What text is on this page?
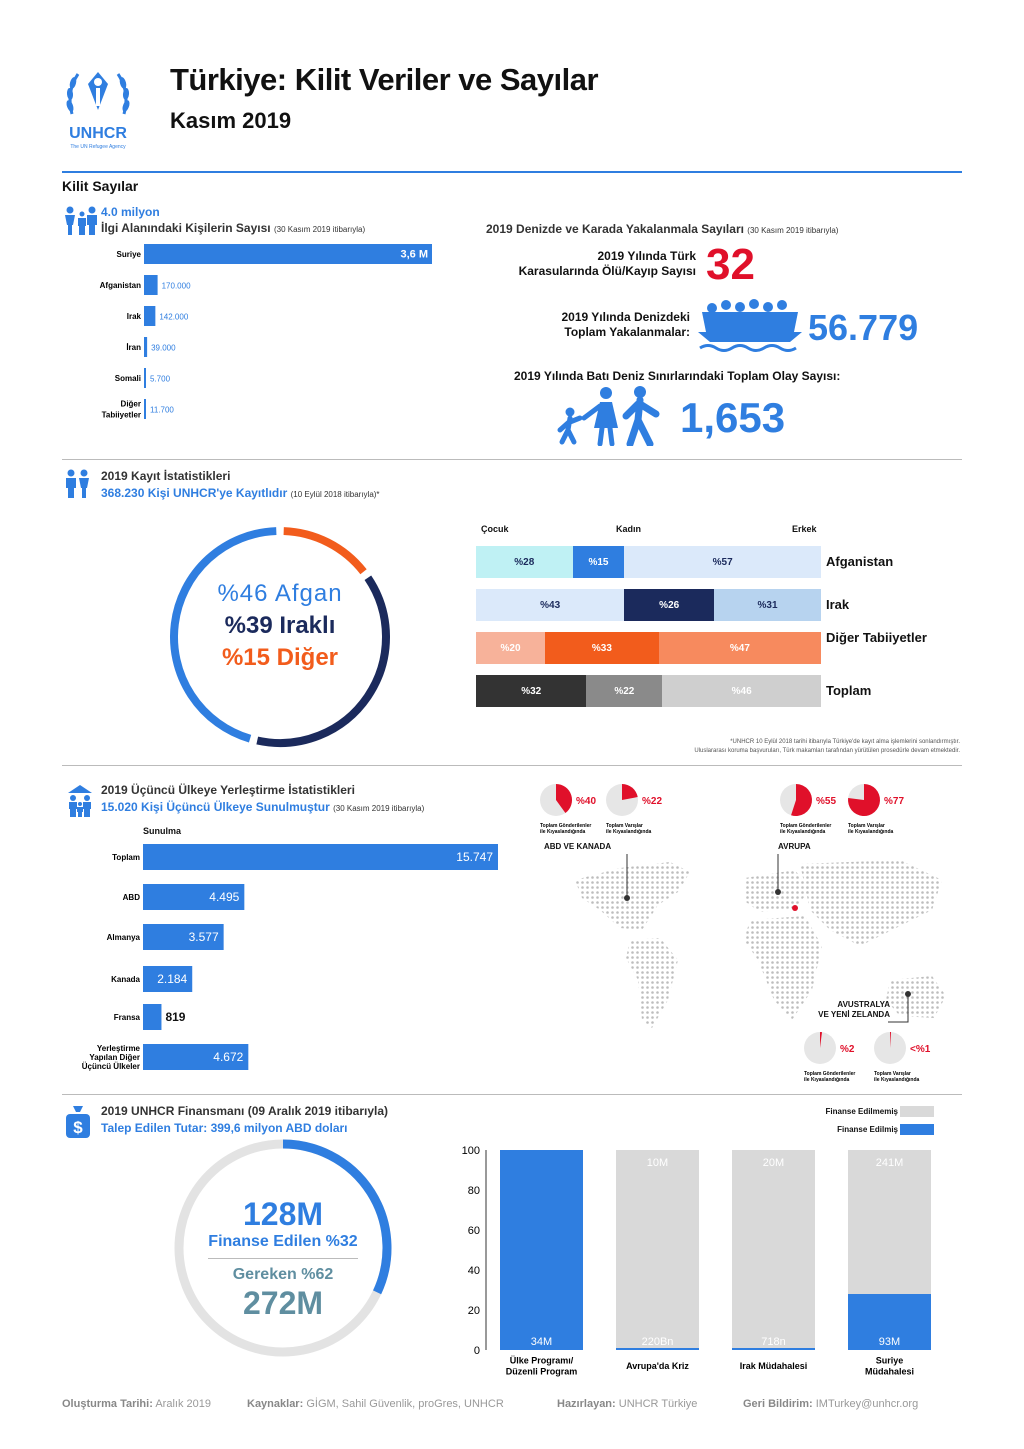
UNHCR
The UN Refugee Agency
Türkiye: Kilit Veriler ve Sayılar
Kasım 2019
Kilit Sayılar
4.0 milyon
İlgi Alanındaki Kişilerin Sayısı (30 Kasım 2019 itibarıyla)
Suriye	3,6 M
Afganistan	170.000
Irak 142.000
İran 39.000
Somali 5.700
Diğer Tabiiyetler
11.700
2019 Denizde ve Karada Yakalanmala Sayıları (30 Kasım 2019 itibarıyla)
2019 Yılında Türk
Karasularında Ölü/Kayıp Sayısı 32
2019 Yılında Denizdeki
Toplam Yakalanmalar:	56.779
2019 Yılında Batı Deniz Sınırlarındaki Toplam Olay Sayısı:
1,653
2019 Kayıt İstatistikleri
368.230 Kişi UNHCR'ye Kayıtlıdır (10 Eylül 2018 itibarıyla)*
%46 Afgan
%39 Iraklı
%15 Diğer
Çocuk	Kadın	Erkek
%28	%15	%57	Afganistan
%43	%26	%31	Irak
%20	%33	%47
Diğer Tabiiyetler
%32	%22	%46	Toplam
*UNHCR 10 Eylül 2018 tarihi itibarıyla Türkiye'de kayıt alma işlemlerini sonlandırmıştır.
Uluslararası koruma başvuruları, Türk makamları tarafından yürütülen prosedürle devam etmektedir.
2019 Üçüncü Ülkeye Yerleştirme İstatistikleri
15.020 Kişi Üçüncü Ülkeye Sunulmuştur (30 Kasım 2019 itibarıyla)
Sunulma
Toplam	15.747
ABD	4.495
Almanya	3.577
Kanada 2.184
Fransa 819
Yerleştirme Yapılan Diğer Üçüncü Ülkeler
4.672
ABD VE KANADA	AVRUPA
AVUSTRALYA
VE YENİ ZELANDA
%40
Toplam Gönderilenler ile Kıyaslandığında
%22
Toplam Varışlar ile Kıyaslandığında
%55
Toplam Gönderilenler ile Kıyaslandığında
%77
Toplam Varışlar ile Kıyaslandığında
%2
Toplam Gönderilenler ile Kıyaslandığında
<%1
Toplam Varışlar ile Kıyaslandığında
$
2019 UNHCR Finansmanı (09 Aralık 2019 itibarıyla)
Talep Edilen Tutar: 399,6 milyon ABD doları
128M
Finanse Edilen %32
Gereken %62
272M
Finanse Edilmemiş
Finanse Edilmiş
0
20
40
60
80
100
34M
Ülke Programı/ Düzenli Program
10M
220Bn
Avrupa'da Kriz
20M
718n
Irak Müdahalesi
241M
93M
Suriye Müdahalesi
Oluşturma Tarihi: Aralık 2019	Kaynaklar: GİGM, Sahil Güvenlik, proGres, UNHCR	Hazırlayan: UNHCR Türkiye	Geri Bildirim: IMTurkey@unhcr.org
